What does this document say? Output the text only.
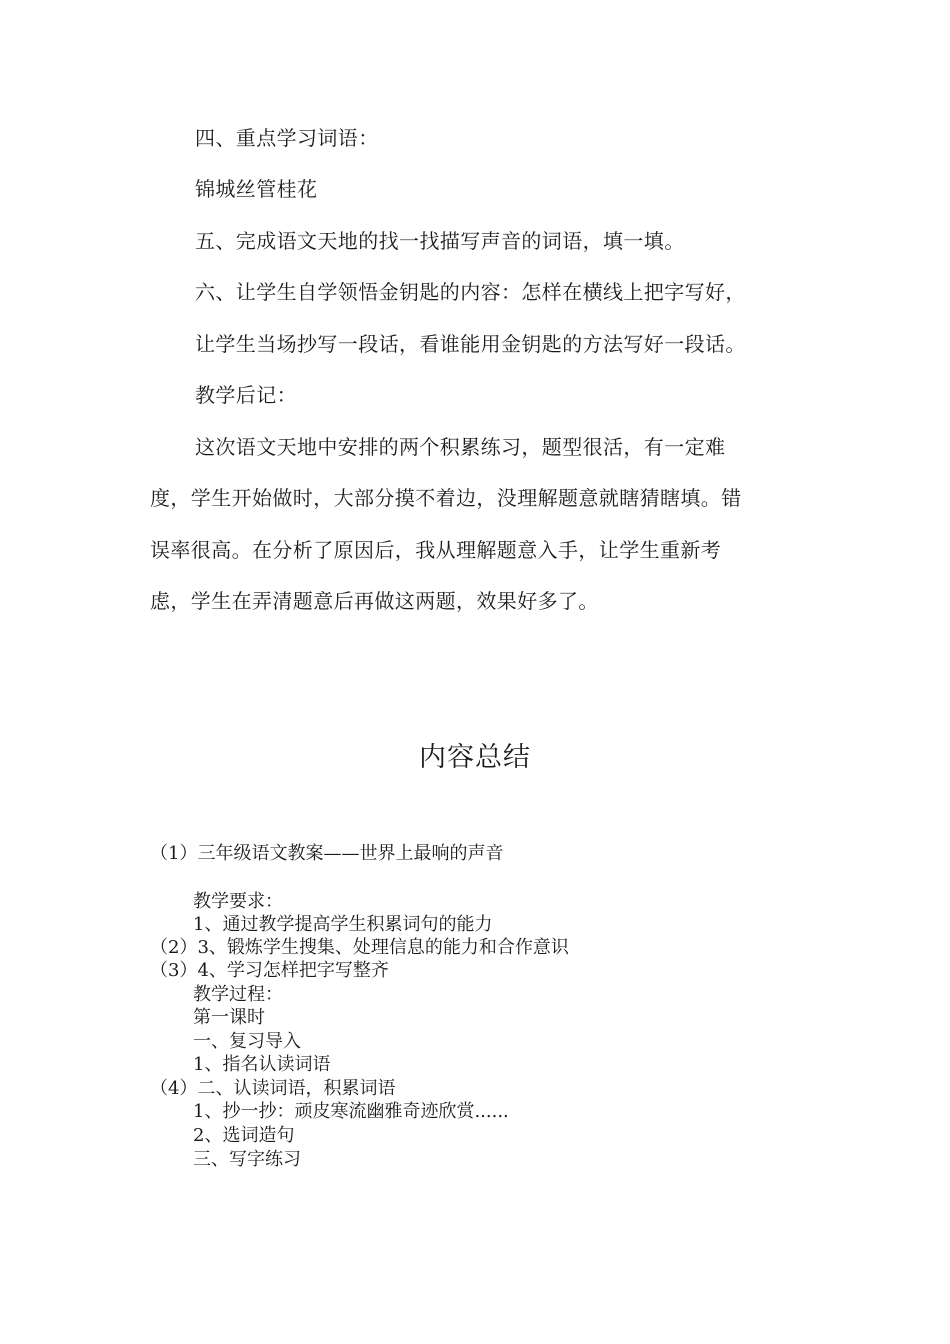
四、重点学习词语：
锦城丝管桂花
五、完成语文天地的找一找描写声音的词语，填一填。
六、让学生自学领悟金钥匙的内容：怎样在横线上把字写好，
让学生当场抄写一段话，看谁能用金钥匙的方法写好一段话。
教学后记：
这次语文天地中安排的两个积累练习，题型很活，有一定难
度，学生开始做时，大部分摸不着边，没理解题意就瞎猜瞎填。错
误率很高。在分析了原因后，我从理解题意入手，让学生重新考
虑，学生在弄清题意后再做这两题，效果好多了。
内容总结
（1）三年级语文教案——世界上最响的声音
教学要求：
1、通过教学提高学生积累词句的能力
（2）3、锻炼学生搜集、处理信息的能力和合作意识
（3）4、学习怎样把字写整齐
教学过程：
第一课时
一、复习导入
1、指名认读词语
（4）二、认读词语，积累词语
1、抄一抄：顽皮寒流幽雅奇迹欣赏......
2、选词造句
三、写字练习
